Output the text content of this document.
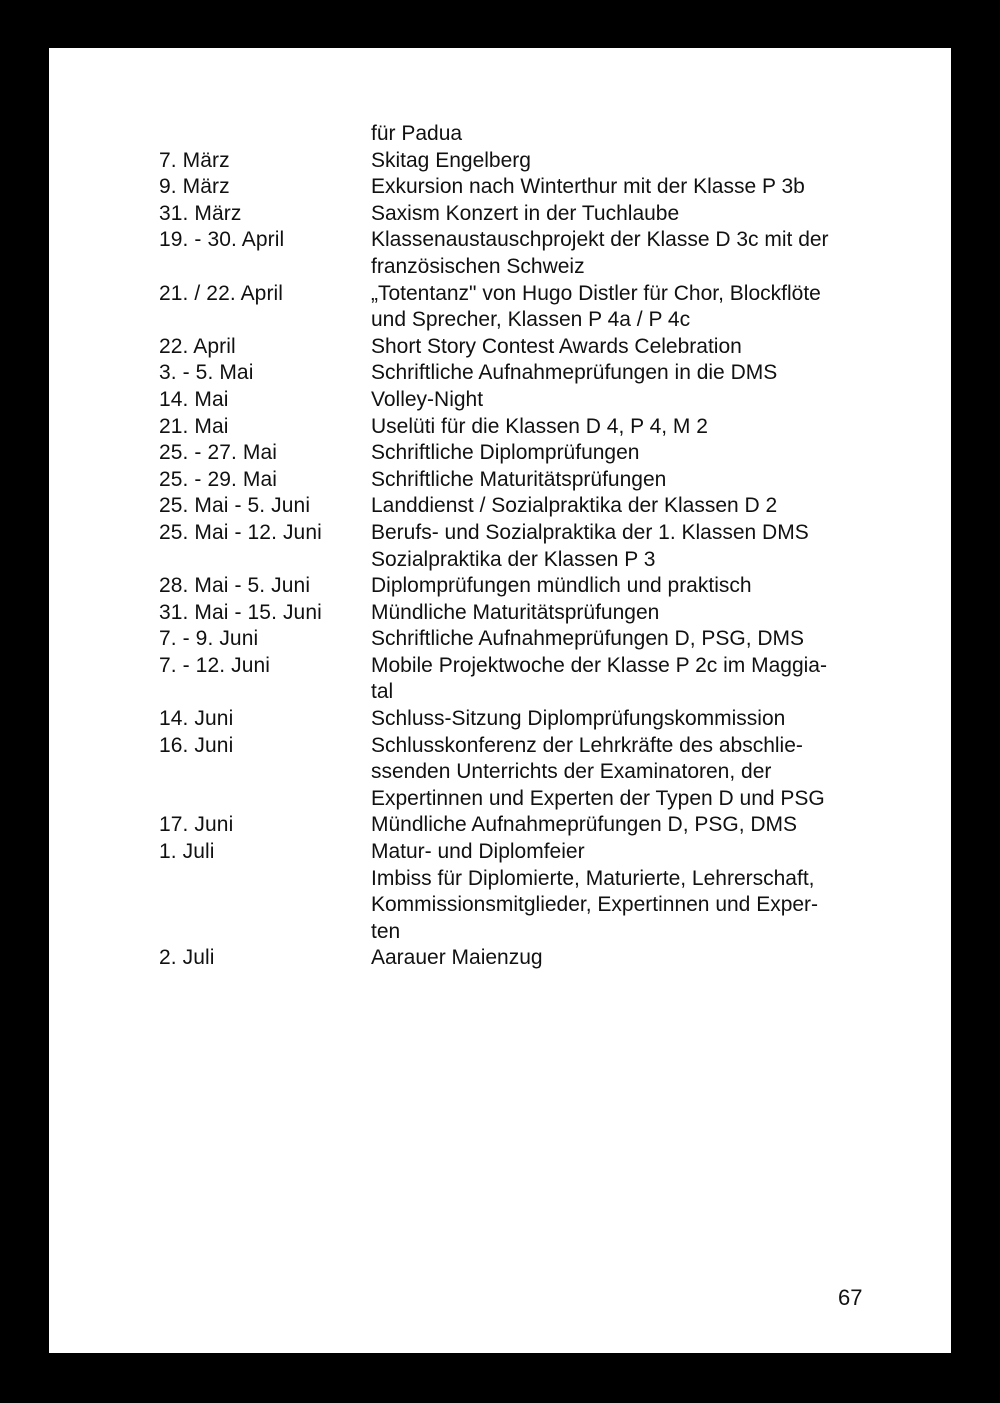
für Padua
7. März	Skitag Engelberg
9. März	Exkursion nach Winterthur mit der Klasse P 3b
31. März	Saxism Konzert in der Tuchlaube
19. - 30. April	Klassenaustauschprojekt der Klasse D 3c mit der
französischen Schweiz
21. / 22. April	„Totentanz" von Hugo Distler für Chor, Blockflöte
und Sprecher, Klassen P 4a / P 4c
22. April	Short Story Contest Awards Celebration
3. - 5. Mai	Schriftliche Aufnahmeprüfungen in die DMS
14. Mai	Volley-Night
21. Mai	Uselüti für die Klassen D 4, P 4, M 2
25. - 27. Mai	Schriftliche Diplomprüfungen
25. - 29. Mai	Schriftliche Maturitätsprüfungen
25. Mai - 5. Juni	Landdienst / Sozialpraktika der Klassen D 2
25. Mai - 12. Juni	Berufs- und Sozialpraktika der 1. Klassen DMS
Sozialpraktika der Klassen P 3
28. Mai - 5. Juni	Diplomprüfungen mündlich und praktisch
31. Mai - 15. Juni	Mündliche Maturitätsprüfungen
7. - 9. Juni	Schriftliche Aufnahmeprüfungen D, PSG, DMS
7. - 12. Juni	Mobile Projektwoche der Klasse P 2c im Maggia-
tal
14. Juni	Schluss-Sitzung Diplomprüfungskommission
16. Juni	Schlusskonferenz der Lehrkräfte des abschlie-
ssenden Unterrichts der Examinatoren, der
Expertinnen und Experten der Typen D und PSG
17. Juni	Mündliche Aufnahmeprüfungen D, PSG, DMS
1. Juli	Matur- und Diplomfeier
Imbiss für Diplomierte, Maturierte, Lehrerschaft,
Kommissionsmitglieder, Expertinnen und Exper-
ten
2. Juli	Aarauer Maienzug
67
